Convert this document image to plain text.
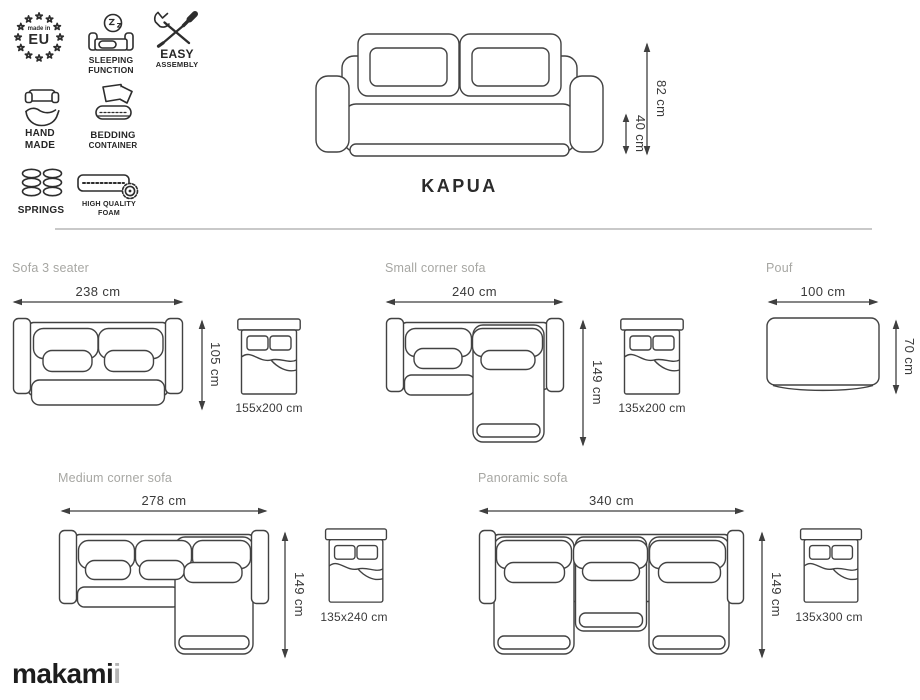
★ ★
★
★
★
★
★
★
★
★
★
★
made in
EU
SLEEPING
FUNCTION
EASY
ASSEMBLY
HAND
MADE
BEDDING
CONTAINER
SPRINGS
HIGH QUALITY
FOAM
KAPUA
82 cm
40 cm
Sofa 3 seater
238 cm
105 cm
155x200 cm
Small corner sofa
240 cm
149 cm
135x200 cm
Pouf
100 cm
70 cm
Medium corner sofa
278 cm
149 cm	135x240 cm
Panoramic sofa
340 cm
149 cm 135x300 cm
makamii
